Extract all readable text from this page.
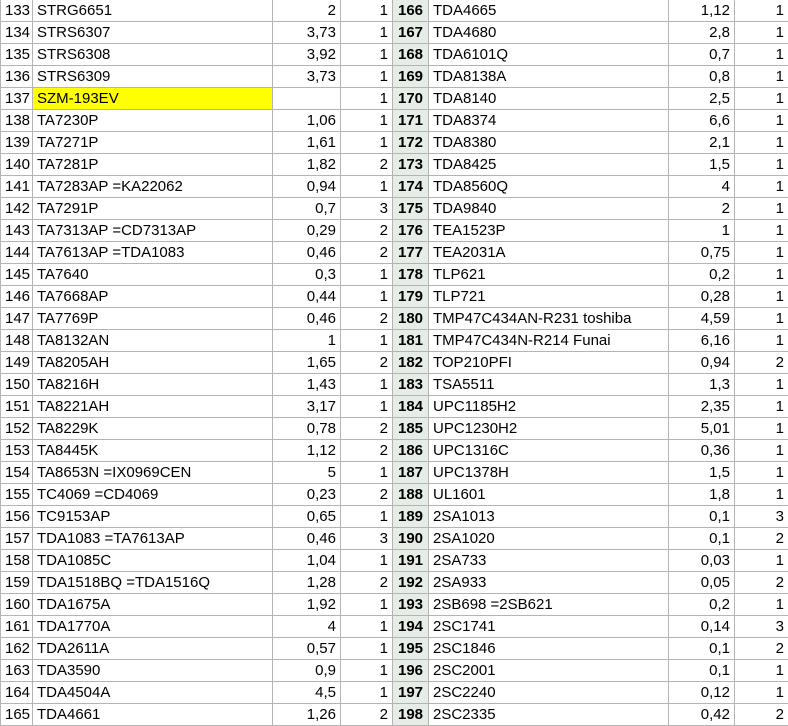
133	STRG6651	2	1	166	TDA4665	1,12	1
134	STRS6307	3,73	1	167	TDA4680	2,8	1
135	STRS6308	3,92	1	168	TDA6101Q	0,7	1
136	STRS6309	3,73	1	169	TDA8138A	0,8	1
137	SZM-193EV		1	170	TDA8140	2,5	1
138	TA7230P	1,06	1	171	TDA8374	6,6	1
139	TA7271P	1,61	1	172	TDA8380	2,1	1
140	TA7281P	1,82	2	173	TDA8425	1,5	1
141	TA7283AP =KA22062	0,94	1	174	TDA8560Q	4	1
142	TA7291P	0,7	3	175	TDA9840	2	1
143	TA7313AP =CD7313AP	0,29	2	176	TEA1523P	1	1
144	TA7613AP =TDA1083	0,46	2	177	TEA2031A	0,75	1
145	TA7640	0,3	1	178	TLP621	0,2	1
146	TA7668AP	0,44	1	179	TLP721	0,28	1
147	TA7769P	0,46	2	180	TMP47C434AN-R231 toshiba	4,59	1
148	TA8132AN	1	1	181	TMP47C434N-R214 Funai	6,16	1
149	TA8205AH	1,65	2	182	TOP210PFI	0,94	2
150	TA8216H	1,43	1	183	TSA5511	1,3	1
151	TA8221AH	3,17	1	184	UPC1185H2	2,35	1
152	TA8229K	0,78	2	185	UPC1230H2	5,01	1
153	TA8445K	1,12	2	186	UPC1316C	0,36	1
154	TA8653N =IX0969CEN	5	1	187	UPC1378H	1,5	1
155	TC4069 =CD4069	0,23	2	188	UL1601	1,8	1
156	TC9153AP	0,65	1	189	2SA1013	0,1	3
157	TDA1083 =TA7613AP	0,46	3	190	2SA1020	0,1	2
158	TDA1085C	1,04	1	191	2SA733	0,03	1
159	TDA1518BQ =TDA1516Q	1,28	2	192	2SA933	0,05	2
160	TDA1675A	1,92	1	193	2SB698 =2SB621	0,2	1
161	TDA1770A	4	1	194	2SC1741	0,14	3
162	TDA2611A	0,57	1	195	2SC1846	0,1	2
163	TDA3590	0,9	1	196	2SC2001	0,1	1
164	TDA4504A	4,5	1	197	2SC2240	0,12	1
165	TDA4661	1,26	2	198	2SC2335	0,42	2
